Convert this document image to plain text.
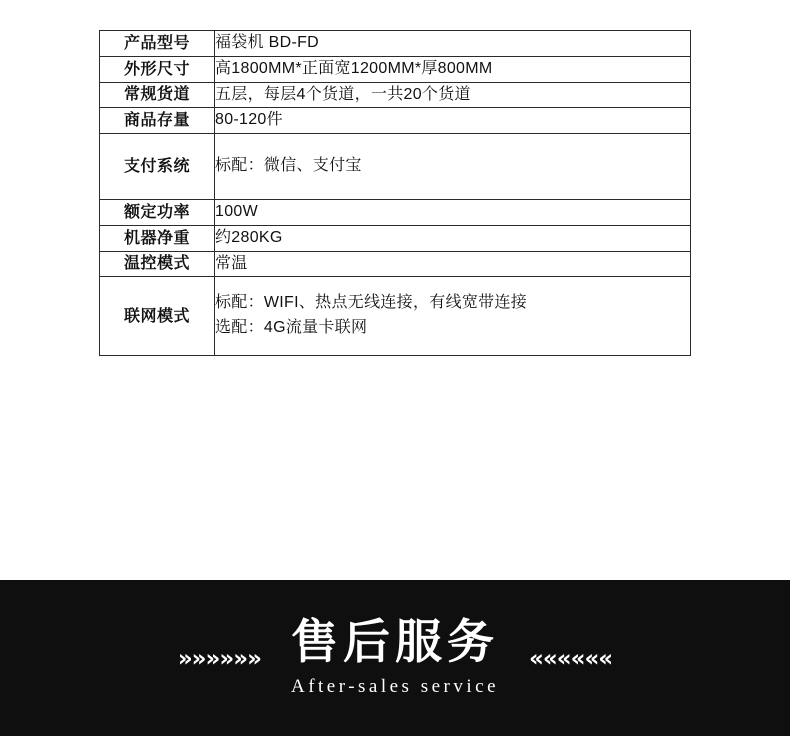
产品型号	福袋机 BD-FD

外形尺寸	高1800MM*正面宽1200MM*厚800MM

常规货道	五层，每层4个货道，一共20个货道

商品存量	80-120件

支付系统	标配：微信、支付宝

额定功率	100W

机器净重	约280KG

温控模式	常温

联网模式	标配：WIFI、热点无线连接，有线宽带连接
选配：4G流量卡联网
»»»»»» 售后服务
After-sales service
««««««
